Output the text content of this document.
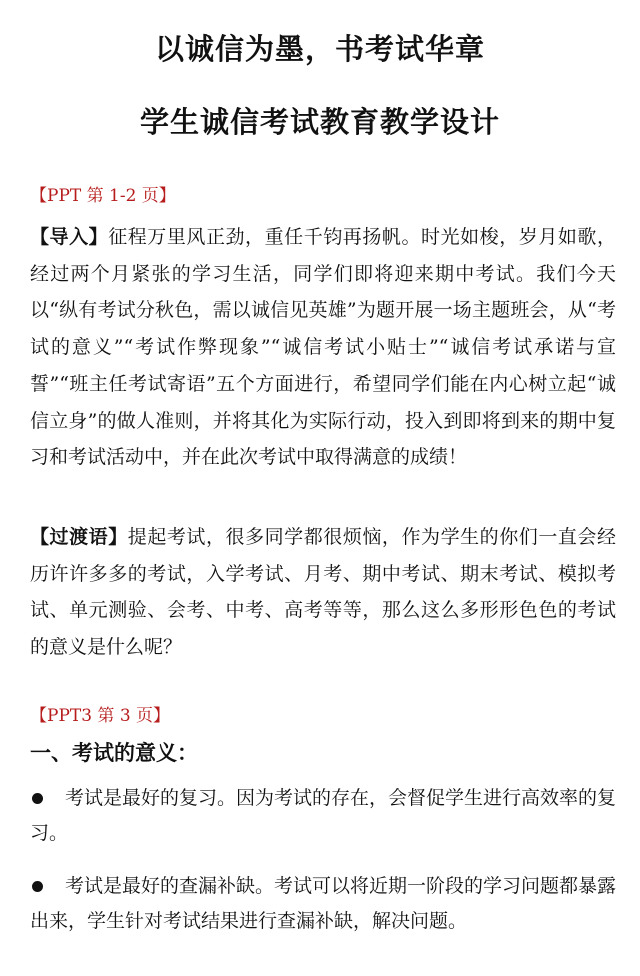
以诚信为墨，书考试华章
学生诚信考试教育教学设计
【PPT 第 1-2 页】
【导入】征程万里风正劲，重任千钧再扬帆。时光如梭，岁月如歌，经过两个月紧张的学习生活，同学们即将迎来期中考试。我们今天以“纵有考试分秋色，需以诚信见英雄”为题开展一场主题班会，从“考试的意义”“考试作弊现象”“诚信考试小贴士”“诚信考试承诺与宣誓”“班主任考试寄语”五个方面进行，希望同学们能在内心树立起“诚信立身”的做人准则，并将其化为实际行动，投入到即将到来的期中复习和考试活动中，并在此次考试中取得满意的成绩！
【过渡语】提起考试，很多同学都很烦恼，作为学生的你们一直会经历许许多多的考试，入学考试、月考、期中考试、期末考试、模拟考试、单元测验、会考、中考、高考等等，那么这么多形形色色的考试的意义是什么呢？
【PPT3 第 3 页】
一、考试的意义：
考试是最好的复习。因为考试的存在，会督促学生进行高效率的复习。
考试是最好的查漏补缺。考试可以将近期一阶段的学习问题都暴露出来，学生针对考试结果进行查漏补缺，解决问题。
